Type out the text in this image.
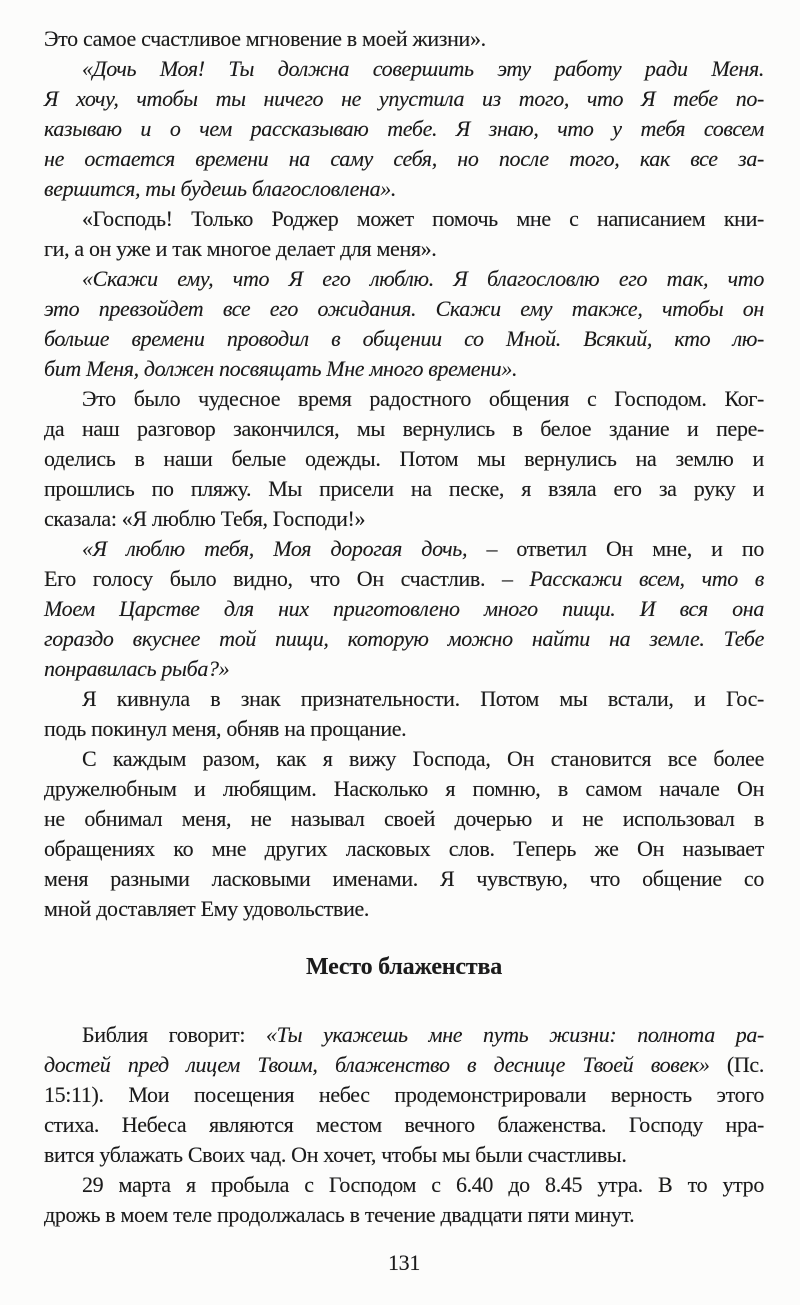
Это самое счастливое мгновение в моей жизни».
«Дочь Моя! Ты должна совершить эту работу ради Меня.
Я хочу, чтобы ты ничего не упустила из того, что Я тебе по-
казываю и о чем рассказываю тебе. Я знаю, что у тебя совсем
не остается времени на саму себя, но после того, как все за-
вершится, ты будешь благословлена».
«Господь! Только Роджер может помочь мне с написанием кни-
ги, а он уже и так многое делает для меня».
«Скажи ему, что Я его люблю. Я благословлю его так, что
это превзойдет все его ожидания. Скажи ему также, чтобы он
больше времени проводил в общении со Мной. Всякий, кто лю-
бит Меня, должен посвящать Мне много времени».
Это было чудесное время радостного общения с Господом. Ког-
да наш разговор закончился, мы вернулись в белое здание и пере-
оделись в наши белые одежды. Потом мы вернулись на землю и
прошлись по пляжу. Мы присели на песке, я взяла его за руку и
сказала: «Я люблю Тебя, Господи!»
«Я люблю тебя, Моя дорогая дочь, – ответил Он мне, и по
Его голосу было видно, что Он счастлив. – Расскажи всем, что в
Моем Царстве для них приготовлено много пищи. И вся она
гораздо вкуснее той пищи, которую можно найти на земле. Тебе
понравилась рыба?»
Я кивнула в знак признательности. Потом мы встали, и Гос-
подь покинул меня, обняв на прощание.
С каждым разом, как я вижу Господа, Он становится все более
дружелюбным и любящим. Насколько я помню, в самом начале Он
не обнимал меня, не называл своей дочерью и не использовал в
обращениях ко мне других ласковых слов. Теперь же Он называет
меня разными ласковыми именами. Я чувствую, что общение со
мной доставляет Ему удовольствие.
Место блаженства
Библия говорит: «Ты укажешь мне путь жизни: полнота ра-
достей пред лицем Твоим, блаженство в деснице Твоей вовек» (Пс.
15:11). Мои посещения небес продемонстрировали верность этого
стиха. Небеса являются местом вечного блаженства. Господу нра-
вится ублажать Своих чад. Он хочет, чтобы мы были счастливы.
29 марта я пробыла с Господом с 6.40 до 8.45 утра. В то утро
дрожь в моем теле продолжалась в течение двадцати пяти минут.
131
